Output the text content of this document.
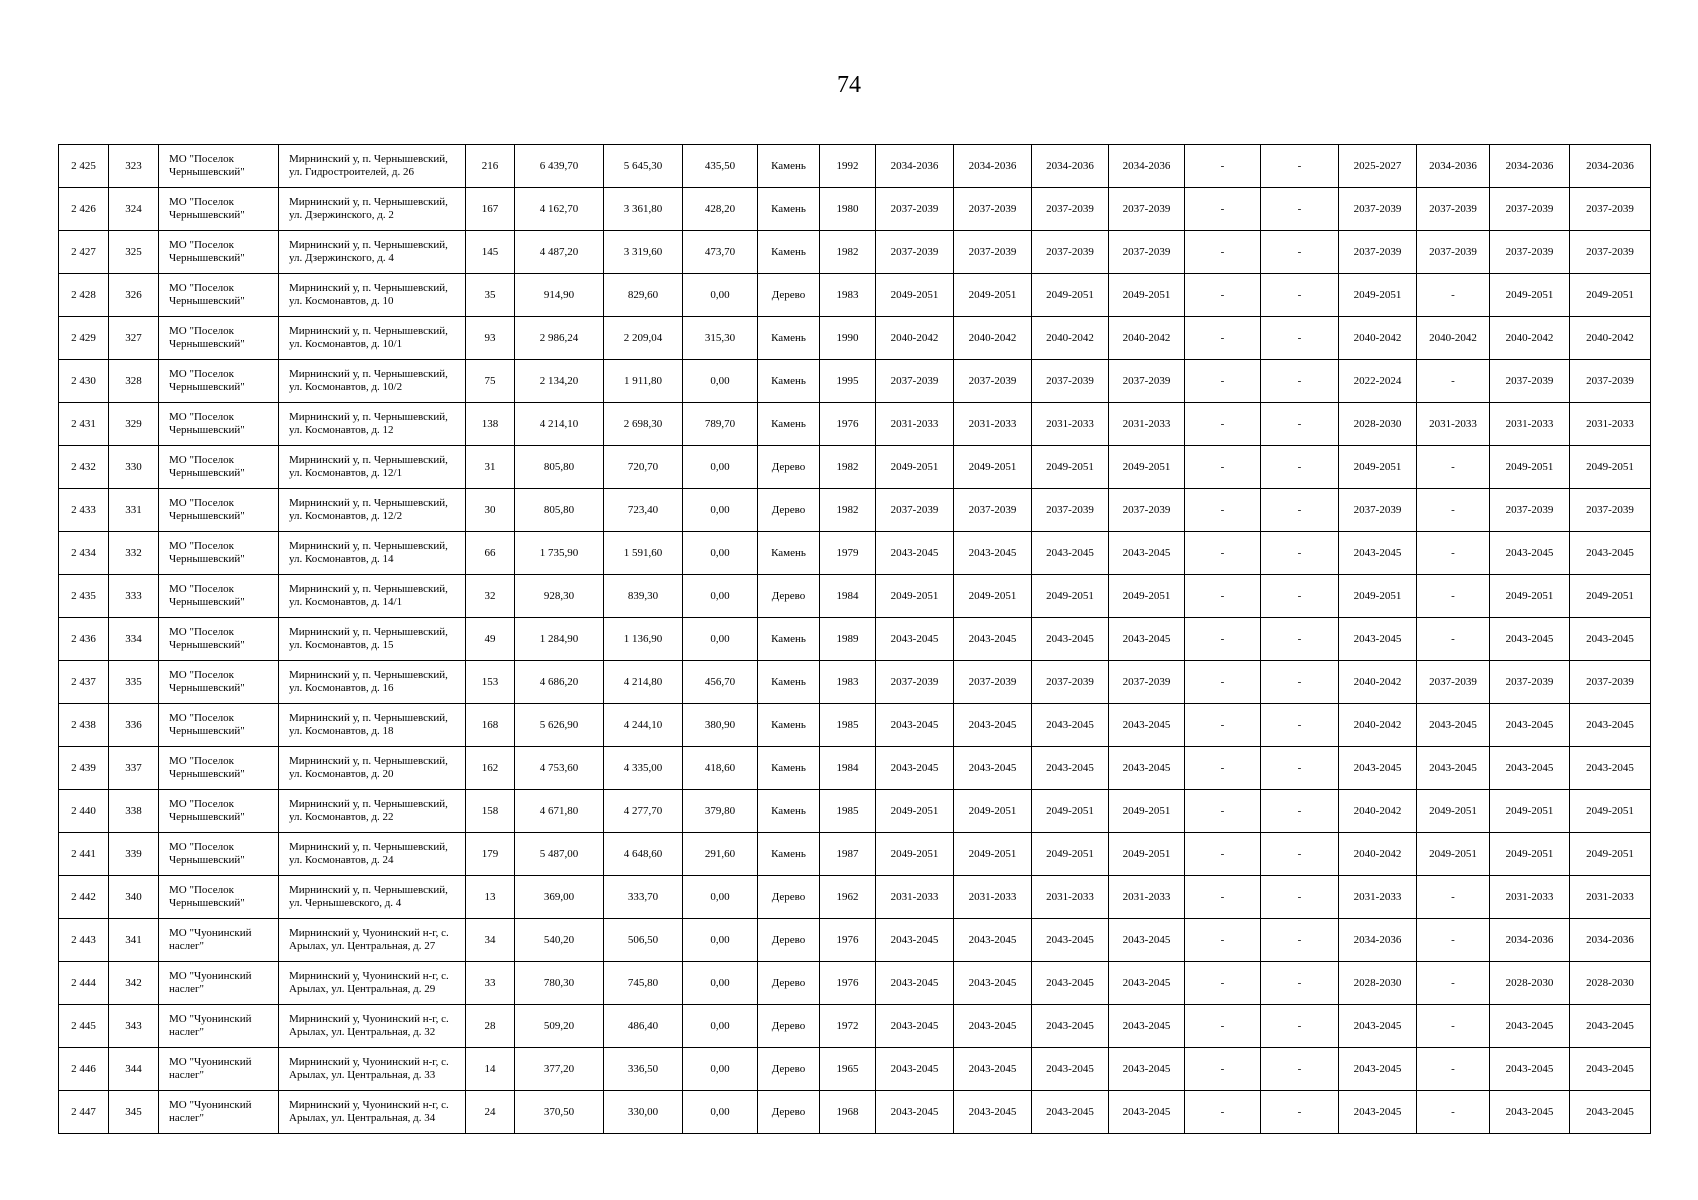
74
2 425	323	МО "Поселок Чернышевский"	Мирнинский у, п. Чернышевский, ул. Гидростроителей, д. 26	216	6 439,70	5 645,30	435,50	Камень	1992	2034-2036	2034-2036	2034-2036	2034-2036	-	-	2025-2027	2034-2036	2034-2036	2034-2036
2 426	324	МО "Поселок Чернышевский"	Мирнинский у, п. Чернышевский, ул. Дзержинского, д. 2	167	4 162,70	3 361,80	428,20	Камень	1980	2037-2039	2037-2039	2037-2039	2037-2039	-	-	2037-2039	2037-2039	2037-2039	2037-2039
2 427	325	МО "Поселок Чернышевский"	Мирнинский у, п. Чернышевский, ул. Дзержинского, д. 4	145	4 487,20	3 319,60	473,70	Камень	1982	2037-2039	2037-2039	2037-2039	2037-2039	-	-	2037-2039	2037-2039	2037-2039	2037-2039
2 428	326	МО "Поселок Чернышевский"	Мирнинский у, п. Чернышевский, ул. Космонавтов, д. 10	35	914,90	829,60	0,00	Дерево	1983	2049-2051	2049-2051	2049-2051	2049-2051	-	-	2049-2051	-	2049-2051	2049-2051
2 429	327	МО "Поселок Чернышевский"	Мирнинский у, п. Чернышевский, ул. Космонавтов, д. 10/1	93	2 986,24	2 209,04	315,30	Камень	1990	2040-2042	2040-2042	2040-2042	2040-2042	-	-	2040-2042	2040-2042	2040-2042	2040-2042
2 430	328	МО "Поселок Чернышевский"	Мирнинский у, п. Чернышевский, ул. Космонавтов, д. 10/2	75	2 134,20	1 911,80	0,00	Камень	1995	2037-2039	2037-2039	2037-2039	2037-2039	-	-	2022-2024	-	2037-2039	2037-2039
2 431	329	МО "Поселок Чернышевский"	Мирнинский у, п. Чернышевский, ул. Космонавтов, д. 12	138	4 214,10	2 698,30	789,70	Камень	1976	2031-2033	2031-2033	2031-2033	2031-2033	-	-	2028-2030	2031-2033	2031-2033	2031-2033
2 432	330	МО "Поселок Чернышевский"	Мирнинский у, п. Чернышевский, ул. Космонавтов, д. 12/1	31	805,80	720,70	0,00	Дерево	1982	2049-2051	2049-2051	2049-2051	2049-2051	-	-	2049-2051	-	2049-2051	2049-2051
2 433	331	МО "Поселок Чернышевский"	Мирнинский у, п. Чернышевский, ул. Космонавтов, д. 12/2	30	805,80	723,40	0,00	Дерево	1982	2037-2039	2037-2039	2037-2039	2037-2039	-	-	2037-2039	-	2037-2039	2037-2039
2 434	332	МО "Поселок Чернышевский"	Мирнинский у, п. Чернышевский, ул. Космонавтов, д. 14	66	1 735,90	1 591,60	0,00	Камень	1979	2043-2045	2043-2045	2043-2045	2043-2045	-	-	2043-2045	-	2043-2045	2043-2045
2 435	333	МО "Поселок Чернышевский"	Мирнинский у, п. Чернышевский, ул. Космонавтов, д. 14/1	32	928,30	839,30	0,00	Дерево	1984	2049-2051	2049-2051	2049-2051	2049-2051	-	-	2049-2051	-	2049-2051	2049-2051
2 436	334	МО "Поселок Чернышевский"	Мирнинский у, п. Чернышевский, ул. Космонавтов, д. 15	49	1 284,90	1 136,90	0,00	Камень	1989	2043-2045	2043-2045	2043-2045	2043-2045	-	-	2043-2045	-	2043-2045	2043-2045
2 437	335	МО "Поселок Чернышевский"	Мирнинский у, п. Чернышевский, ул. Космонавтов, д. 16	153	4 686,20	4 214,80	456,70	Камень	1983	2037-2039	2037-2039	2037-2039	2037-2039	-	-	2040-2042	2037-2039	2037-2039	2037-2039
2 438	336	МО "Поселок Чернышевский"	Мирнинский у, п. Чернышевский, ул. Космонавтов, д. 18	168	5 626,90	4 244,10	380,90	Камень	1985	2043-2045	2043-2045	2043-2045	2043-2045	-	-	2040-2042	2043-2045	2043-2045	2043-2045
2 439	337	МО "Поселок Чернышевский"	Мирнинский у, п. Чернышевский, ул. Космонавтов, д. 20	162	4 753,60	4 335,00	418,60	Камень	1984	2043-2045	2043-2045	2043-2045	2043-2045	-	-	2043-2045	2043-2045	2043-2045	2043-2045
2 440	338	МО "Поселок Чернышевский"	Мирнинский у, п. Чернышевский, ул. Космонавтов, д. 22	158	4 671,80	4 277,70	379,80	Камень	1985	2049-2051	2049-2051	2049-2051	2049-2051	-	-	2040-2042	2049-2051	2049-2051	2049-2051
2 441	339	МО "Поселок Чернышевский"	Мирнинский у, п. Чернышевский, ул. Космонавтов, д. 24	179	5 487,00	4 648,60	291,60	Камень	1987	2049-2051	2049-2051	2049-2051	2049-2051	-	-	2040-2042	2049-2051	2049-2051	2049-2051
2 442	340	МО "Поселок Чернышевский"	Мирнинский у, п. Чернышевский, ул. Чернышевского, д. 4	13	369,00	333,70	0,00	Дерево	1962	2031-2033	2031-2033	2031-2033	2031-2033	-	-	2031-2033	-	2031-2033	2031-2033
2 443	341	МО "Чуонинский наслег"	Мирнинский у, Чуонинский н-г, с. Арылах, ул. Центральная, д. 27	34	540,20	506,50	0,00	Дерево	1976	2043-2045	2043-2045	2043-2045	2043-2045	-	-	2034-2036	-	2034-2036	2034-2036
2 444	342	МО "Чуонинский наслег"	Мирнинский у, Чуонинский н-г, с. Арылах, ул. Центральная, д. 29	33	780,30	745,80	0,00	Дерево	1976	2043-2045	2043-2045	2043-2045	2043-2045	-	-	2028-2030	-	2028-2030	2028-2030
2 445	343	МО "Чуонинский наслег"	Мирнинский у, Чуонинский н-г, с. Арылах, ул. Центральная, д. 32	28	509,20	486,40	0,00	Дерево	1972	2043-2045	2043-2045	2043-2045	2043-2045	-	-	2043-2045	-	2043-2045	2043-2045
2 446	344	МО "Чуонинский наслег"	Мирнинский у, Чуонинский н-г, с. Арылах, ул. Центральная, д. 33	14	377,20	336,50	0,00	Дерево	1965	2043-2045	2043-2045	2043-2045	2043-2045	-	-	2043-2045	-	2043-2045	2043-2045
2 447	345	МО "Чуонинский наслег"	Мирнинский у, Чуонинский н-г, с. Арылах, ул. Центральная, д. 34	24	370,50	330,00	0,00	Дерево	1968	2043-2045	2043-2045	2043-2045	2043-2045	-	-	2043-2045	-	2043-2045	2043-2045
